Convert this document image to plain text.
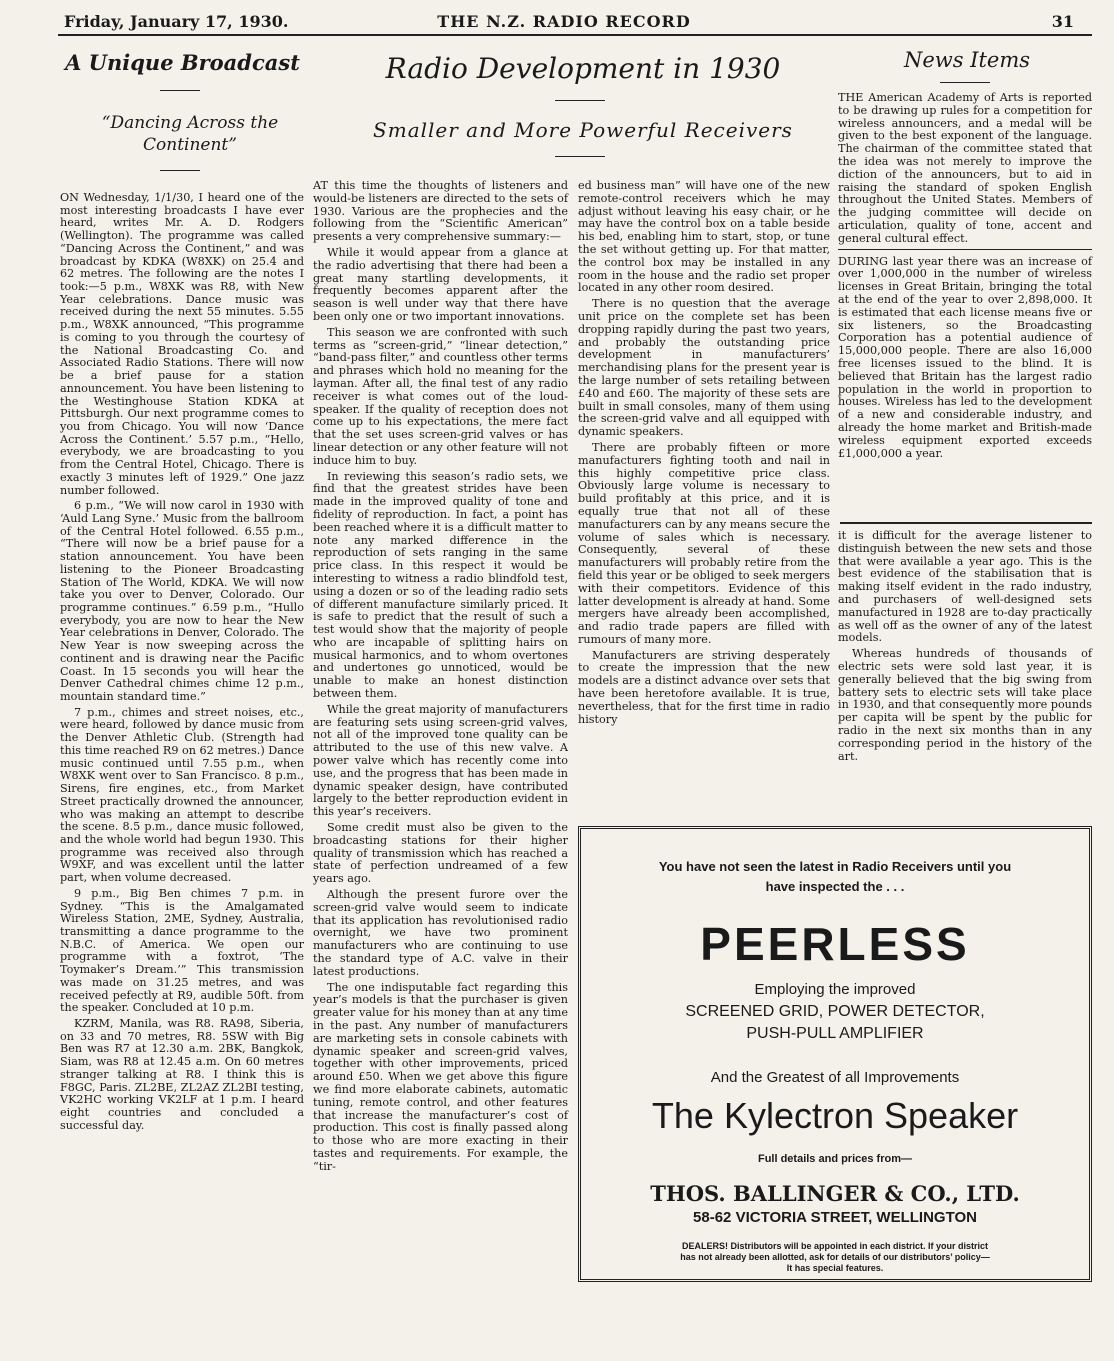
Friday, January 17, 1930.	THE N.Z. RADIO RECORD	31
A Unique Broadcast
“Dancing Across the
Continent”

ON Wednesday, 1/1/30, I heard one of the most interesting broadcasts I have ever heard, writes Mr. A. D. Rodgers (Wellington). The programme was called “Dancing Across the Continent,” and was broadcast by KDKA (W8XK) on 25.4 and 62 metres. The following are the notes I took:—5 p.m., W8XK was R8, with New Year celebrations. Dance music was received during the next 55 minutes. 5.55 p.m., W8XK announced, “This programme is coming to you through the courtesy of the National Broadcasting Co. and Associated Radio Stations. There will now be a brief pause for a station announcement. You have been listening to the Westinghouse Station KDKA at Pittsburgh. Our next programme comes to you from Chicago. You will now ‘Dance Across the Continent.’ 5.57 p.m., “Hello, everybody, we are broadcasting to you from the Central Hotel, Chicago. There is exactly 3 minutes left of 1929.” One jazz number followed.

6 p.m., “We will now carol in 1930 with ‘Auld Lang Syne.’ Music from the ballroom of the Central Hotel followed. 6.55 p.m., “There will now be a brief pause for a station announcement. You have been listening to the Pioneer Broadcasting Station of The World, KDKA. We will now take you over to Denver, Colorado. Our programme continues.” 6.59 p.m., “Hullo everybody, you are now to hear the New Year celebrations in Denver, Colorado. The New Year is now sweeping across the continent and is drawing near the Pacific Coast. In 15 seconds you will hear the Denver Cathedral chimes chime 12 p.m., mountain standard time.”

7 p.m., chimes and street noises, etc., were heard, followed by dance music from the Denver Athletic Club. (Strength had this time reached R9 on 62 metres.) Dance music continued until 7.55 p.m., when W8XK went over to San Francisco. 8 p.m., Sirens, fire engines, etc., from Market Street practically drowned the announcer, who was making an attempt to describe the scene. 8.5 p.m., dance music followed, and the whole world had begun 1930. This programme was received also through W9XF, and was excellent until the latter part, when volume decreased.

9 p.m., Big Ben chimes 7 p.m. in Sydney. “This is the Amalgamated Wireless Station, 2ME, Sydney, Australia, transmitting a dance programme to the N.B.C. of America. We open our programme with a foxtrot, ‘The Toymaker’s Dream.’” This transmission was made on 31.25 metres, and was received pefectly at R9, audible 50ft. from the speaker. Concluded at 10 p.m.

KZRM, Manila, was R8. RA98, Siberia, on 33 and 70 metres, R8. 5SW with Big Ben was R7 at 12.30 a.m. 2BK, Bangkok, Siam, was R8 at 12.45 a.m. On 60 metres stranger talking at R8. I think this is F8GC, Paris. ZL2BE, ZL2AZ ZL2BI testing, VK2HC working VK2LF at 1 p.m. I heard eight countries and concluded a successful day.

Radio Development in 1930
Smaller and More Powerful Receivers

AT this time the thoughts of listeners and would-be listeners are directed to the sets of 1930. Various are the prophecies and the following from the “Scientific American” presents a very comprehensive summary:—

While it would appear from a glance at the radio advertising that there had been a great many startling developments, it frequently becomes apparent after the season is well under way that there have been only one or two important innovations.

This season we are confronted with such terms as “screen-grid,” “linear detection,” “band-pass filter,” and countless other terms and phrases which hold no meaning for the layman. After all, the final test of any radio receiver is what comes out of the loud-speaker. If the quality of reception does not come up to his expectations, the mere fact that the set uses screen-grid valves or has linear detection or any other feature will not induce him to buy.

In reviewing this season’s radio sets, we find that the greatest strides have been made in the improved quality of tone and fidelity of reproduction. In fact, a point has been reached where it is a difficult matter to note any marked difference in the reproduction of sets ranging in the same price class. In this respect it would be interesting to witness a radio blindfold test, using a dozen or so of the leading radio sets of different manufacture similarly priced. It is safe to predict that the result of such a test would show that the majority of people who are incapable of splitting hairs on musical harmonics, and to whom overtones and undertones go unnoticed, would be unable to make an honest distinction between them.

While the great majority of manufacturers are featuring sets using screen-grid valves, not all of the improved tone quality can be attributed to the use of this new valve. A power valve which has recently come into use, and the progress that has been made in dynamic speaker design, have contributed largely to the better reproduction evident in this year’s receivers.

Some credit must also be given to the broadcasting stations for their higher quality of transmission which has reached a state of perfection undreamed of a few years ago.

Although the present furore over the screen-grid valve would seem to indicate that its application has revolutionised radio overnight, we have two prominent manufacturers who are continuing to use the standard type of A.C. valve in their latest productions.

The one indisputable fact regarding this year’s models is that the purchaser is given greater value for his money than at any time in the past. Any number of manufacturers are marketing sets in console cabinets with dynamic speaker and screen-grid valves, together with other improvements, priced around £50. When we get above this figure we find more elaborate cabinets, automatic tuning, remote control, and other features that increase the manufacturer’s cost of production. This cost is finally passed along to those who are more exacting in their tastes and requirements. For example, the “tir-

ed business man” will have one of the new remote-control receivers which he may adjust without leaving his easy chair, or he may have the control box on a table beside his bed, enabling him to start, stop, or tune the set without getting up. For that matter, the control box may be installed in any room in the house and the radio set proper located in any other room desired.

There is no question that the average unit price on the complete set has been dropping rapidly during the past two years, and probably the outstanding price development in manufacturers’ merchandising plans for the present year is the large number of sets retailing between £40 and £60. The majority of these sets are built in small consoles, many of them using the screen-grid valve and all equipped with dynamic speakers.

There are probably fifteen or more manufacturers fighting tooth and nail in this highly competitive price class. Obviously large volume is necessary to build profitably at this price, and it is equally true that not all of these manufacturers can by any means secure the volume of sales which is necessary. Consequently, several of these manufacturers will probably retire from the field this year or be obliged to seek mergers with their competitors. Evidence of this latter development is already at hand. Some mergers have already been accomplished, and radio trade papers are filled with rumours of many more.

Manufacturers are striving desperately to create the impression that the new models are a distinct advance over sets that have been heretofore available. It is true, nevertheless, that for the first time in radio history

News Items

THE American Academy of Arts is reported to be drawing up rules for a competition for wireless announcers, and a medal will be given to the best exponent of the language. The chairman of the committee stated that the idea was not merely to improve the diction of the announcers, but to aid in raising the standard of spoken English throughout the United States. Members of the judging committee will decide on articulation, quality of tone, accent and general cultural effect.

DURING last year there was an increase of over 1,000,000 in the number of wireless licenses in Great Britain, bringing the total at the end of the year to over 2,898,000. It is estimated that each license means five or six listeners, so the Broadcasting Corporation has a potential audience of 15,000,000 people. There are also 16,000 free licenses issued to the blind. It is believed that Britain has the largest radio population in the world in proportion to houses. Wireless has led to the development of a new and considerable industry, and already the home market and British-made wireless equipment exported exceeds £1,000,000 a year.

it is difficult for the average listener to distinguish between the new sets and those that were available a year ago. This is the best evidence of the stabilisation that is making itself evident in the rado industry, and purchasers of well-designed sets manufactured in 1928 are to-day practically as well off as the owner of any of the latest models.

Whereas hundreds of thousands of electric sets were sold last year, it is generally believed that the big swing from battery sets to electric sets will take place in 1930, and that consequently more pounds per capita will be spent by the public for radio in the next six months than in any corresponding period in the history of the art.

You have not seen the latest in Radio Receivers until you
have inspected the . . .
PEERLESS
Employing the improved
SCREENED GRID, POWER DETECTOR,
PUSH-PULL AMPLIFIER
And the Greatest of all Improvements
The Kylectron Speaker
Full details and prices from—
THOS. BALLINGER & CO., LTD.
58-62 VICTORIA STREET, WELLINGTON
DEALERS! Distributors will be appointed in each district. If your district
has not already been allotted, ask for details of our distributors’ policy—
It has special features.
